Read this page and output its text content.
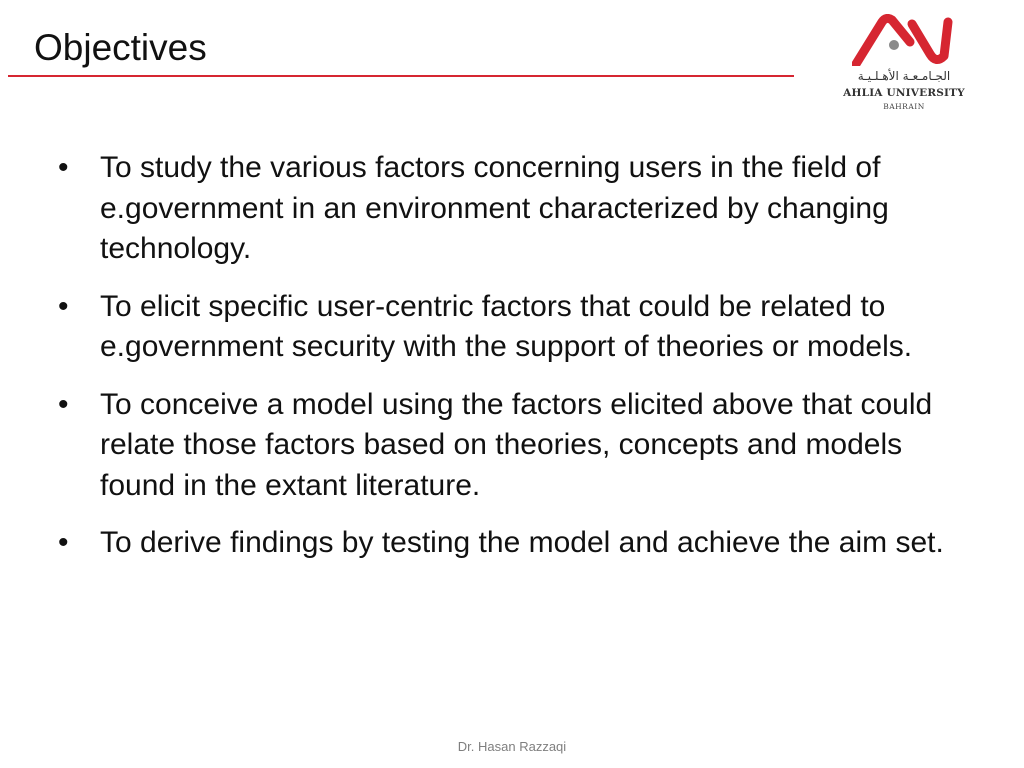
Objectives
الجـامـعـة الأهـلـيـة
AHLIA UNIVERSITY
BAHRAIN
• To study the various factors concerning users in the field of e.government in an environment characterized by changing technology.
• To elicit specific user-centric factors that could be related to e.government security with the support of theories or models.
• To conceive a model using the factors elicited above that could relate those factors based on theories, concepts and models found in the extant literature.
• To derive findings by testing the model and achieve the aim set.
Dr. Hasan Razzaqi
